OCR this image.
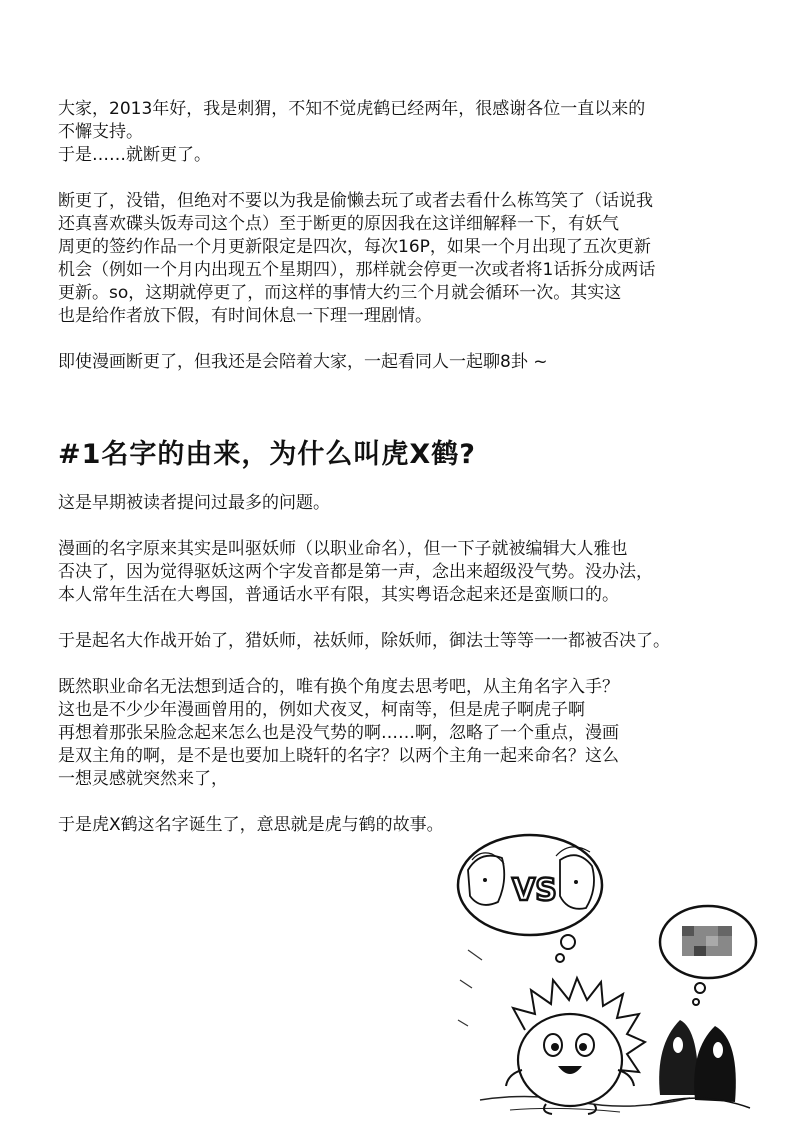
大家，2013年好，我是刺猬，不知不觉虎鹤已经两年，很感谢各位一直以来的
不懈支持。
于是……就断更了。
断更了，没错，但绝对不要以为我是偷懒去玩了或者去看什么栋笃笑了（话说我
还真喜欢碟头饭寿司这个点）至于断更的原因我在这详细解释一下，有妖气
周更的签约作品一个月更新限定是四次，每次16P，如果一个月出现了五次更新
机会（例如一个月内出现五个星期四），那样就会停更一次或者将1话拆分成两话
更新。so，这期就停更了，而这样的事情大约三个月就会循环一次。其实这
也是给作者放下假，有时间休息一下理一理剧情。
即使漫画断更了，但我还是会陪着大家，一起看同人一起聊8卦 ~
#1名字的由来，为什么叫虎X鹤?
这是早期被读者提问过最多的问题。
漫画的名字原来其实是叫驱妖师（以职业命名），但一下子就被编辑大人雅也
否决了，因为觉得驱妖这两个字发音都是第一声，念出来超级没气势。没办法，
本人常年生活在大粤国，普通话水平有限，其实粤语念起来还是蛮顺口的。
于是起名大作战开始了，猎妖师，祛妖师，除妖师，御法士等等一一都被否决了。
既然职业命名无法想到适合的，唯有换个角度去思考吧，从主角名字入手？
这也是不少少年漫画曾用的，例如犬夜叉，柯南等，但是虎子啊虎子啊
再想着那张呆脸念起来怎么也是没气势的啊……啊，忽略了一个重点，漫画
是双主角的啊，是不是也要加上晓轩的名字？以两个主角一起来命名？这么
一想灵感就突然来了，
于是虎X鹤这名字诞生了，意思就是虎与鹤的故事。
VS
